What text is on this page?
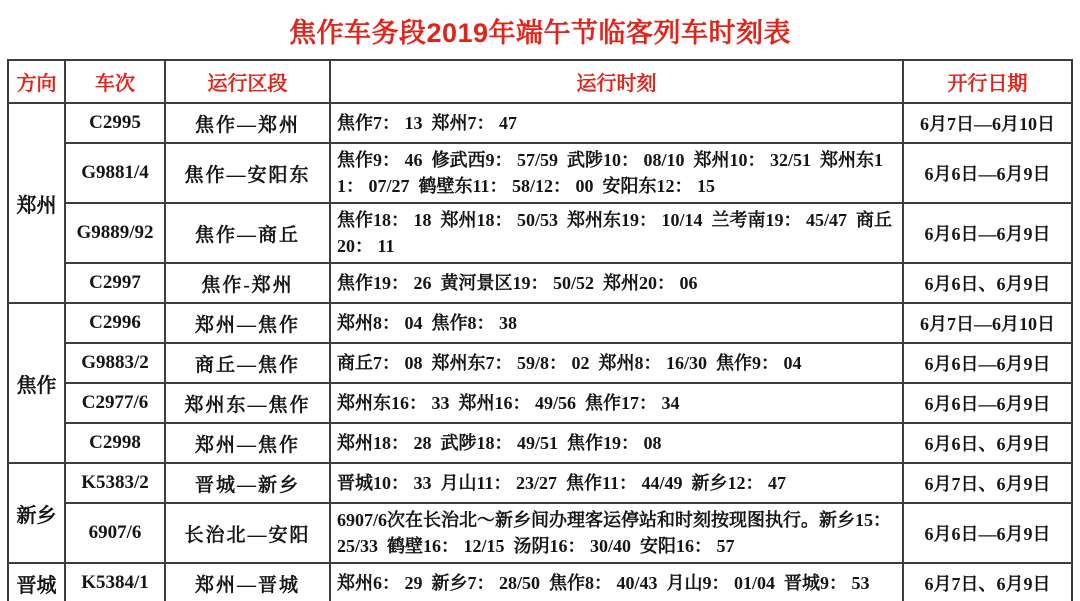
焦作车务段2019年端午节临客列车时刻表
方向	车次	运行区段	运行时刻	开行日期
郑州	C2995	焦作—郑州	焦作7： 13  郑州7： 47	6月7日—6月10日
	G9881/4	焦作—安阳东	焦作9： 46  修武西9： 57/59  武陟10： 08/10  郑州10： 32/51  郑州东11： 07/27  鹤壁东11： 58/12： 00  安阳东12： 15	6月6日—6月9日
	G9889/92	焦作—商丘	焦作18： 18  郑州18： 50/53  郑州东19： 10/14  兰考南19： 45/47  商丘20： 11	6月6日—6月9日
	C2997	焦作-郑州	焦作19： 26  黄河景区19： 50/52  郑州20： 06	6月6日、6月9日
焦作	C2996	郑州—焦作	郑州8： 04  焦作8： 38	6月7日—6月10日
	G9883/2	商丘—焦作	商丘7： 08  郑州东7： 59/8： 02  郑州8： 16/30  焦作9： 04	6月6日—6月9日
	C2977/6	郑州东—焦作	郑州东16： 33  郑州16： 49/56  焦作17： 34	6月6日—6月9日
	C2998	郑州—焦作	郑州18： 28  武陟18： 49/51  焦作19： 08	6月6日、6月9日
新乡	K5383/2	晋城—新乡	晋城10： 33  月山11： 23/27  焦作11： 44/49  新乡12： 47	6月7日、6月9日
	6907/6	长治北—安阳	6907/6次在长治北～新乡间办理客运停站和时刻按现图执行。新乡15： 25/33  鹤壁16： 12/15  汤阴16： 30/40  安阳16： 57	6月6日—6月9日
晋城	K5384/1	郑州—晋城	郑州6： 29  新乡7： 28/50  焦作8： 40/43  月山9： 01/04  晋城9： 53	6月7日、6月9日
